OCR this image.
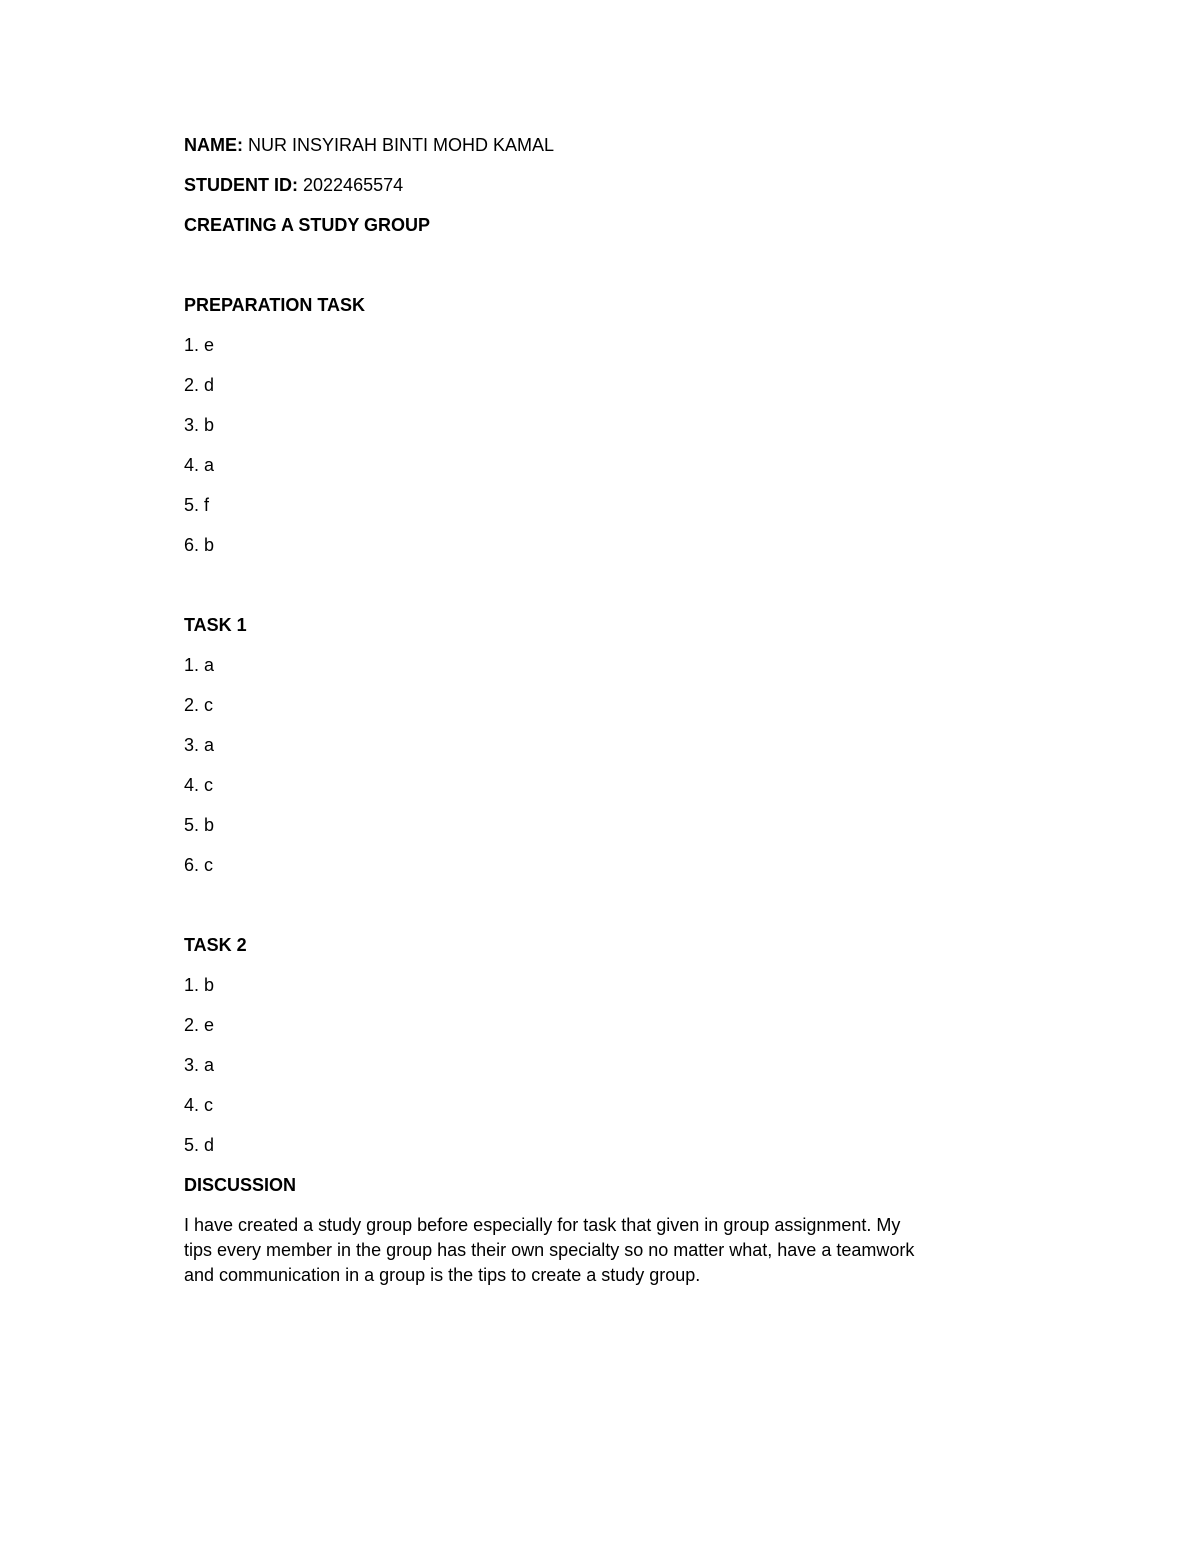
NAME: NUR INSYIRAH BINTI MOHD KAMAL
STUDENT ID: 2022465574
CREATING A STUDY GROUP
PREPARATION TASK
1. e
2. d
3. b
4. a
5. f
6. b
TASK 1
1. a
2. c
3. a
4. c
5. b
6. c
TASK 2
1. b
2. e
3. a
4. c
5. d
DISCUSSION
I have created a study group before especially for task that given in group assignment. My
tips every member in the group has their own specialty so no matter what, have a teamwork
and communication in a group is the tips to create a study group.
